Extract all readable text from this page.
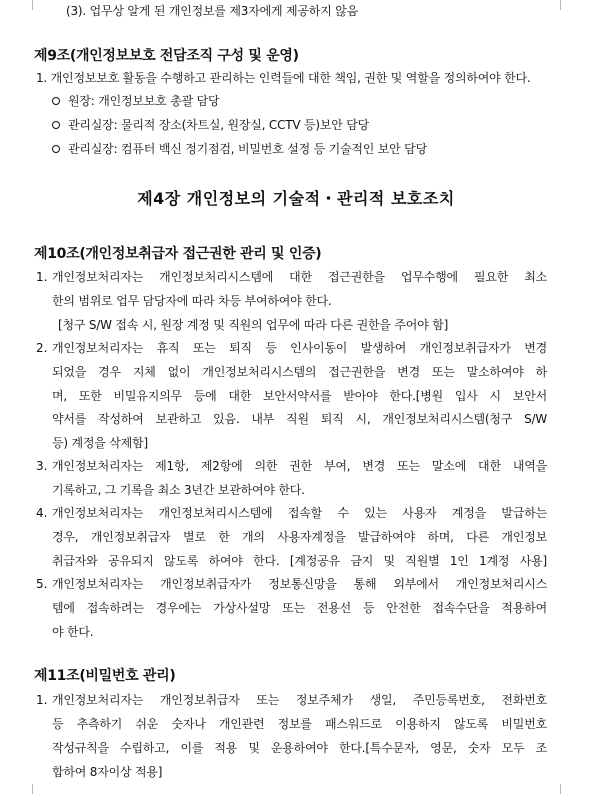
(3). 업무상 알게 된 개인정보를 제3자에게 제공하지 않음
제9조(개인정보보호 전담조직 구성 및 운영)
1. 개인정보보호 활동을 수행하고 관리하는 인력들에 대한 책임, 권한 및 역할을 정의하여야 한다.
원장: 개인정보보호 총괄 담당
관리실장: 물리적 장소(차트실, 원장실, CCTV 등)보안 담당
관리실장: 컴퓨터 백신 정기점검, 비밀번호 설정 등 기술적인 보안 담당
제4장 개인정보의 기술적・관리적 보호조치
제10조(개인정보취급자 접근권한 관리 및 인증)
1. 개인정보처리자는 개인정보처리시스템에 대한 접근권한을 업무수행에 필요한 최소
한의 범위로 업무 담당자에 따라 차등 부여하여야 한다.
[청구 S/W 접속 시, 원장 계정 및 직원의 업무에 따라 다른 권한을 주어야 함]
2. 개인정보처리자는 휴직 또는 퇴직 등 인사이동이 발생하여 개인정보취급자가 변경
되었을 경우 지체 없이 개인정보처리시스템의 접근권한을 변경 또는 말소하여야 하
며, 또한 비밀유지의무 등에 대한 보안서약서를 받아야 한다.[병원 입사 시 보안서
약서를 작성하여 보관하고 있음. 내부 직원 퇴직 시, 개인정보처리시스템(청구 S/W
등) 계정을 삭제함]
3. 개인정보처리자는 제1항, 제2항에 의한 권한 부여, 변경 또는 말소에 대한 내역을
기록하고, 그 기록을 최소 3년간 보관하여야 한다.
4. 개인정보처리자는 개인정보처리시스템에 접속할 수 있는 사용자 계정을 발급하는
경우, 개인정보취급자 별로 한 개의 사용자계정을 발급하여야 하며, 다른 개인정보
취급자와 공유되지 않도록 하여야 한다. [계정공유 금지 및 직원별 1인 1계정 사용]
5. 개인정보처리자는 개인정보취급자가 정보통신망을 통해 외부에서 개인정보처리시스
템에 접속하려는 경우에는 가상사설망 또는 전용선 등 안전한 접속수단을 적용하여
야 한다.
제11조(비밀번호 관리)
1. 개인정보처리자는 개인정보취급자 또는 정보주체가 생일, 주민등록번호, 전화번호
등 추측하기 쉬운 숫자나 개인관련 정보를 패스워드로 이용하지 않도록 비밀번호
작성규칙을 수립하고, 이를 적용 및 운용하여야 한다.[특수문자, 영문, 숫자 모두 조
합하여 8자이상 적용]
